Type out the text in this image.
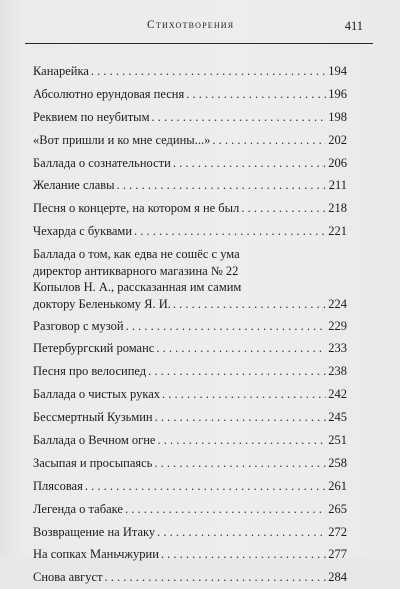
Стихотворения	411
Канарейка . . .	194
Абсолютно ерундовая песня . . .	196
Реквием по неубитым . . .	198
«Вот пришли и ко мне седины...» . . .	202
Баллада о сознательности . . .	206
Желание славы . . .	211
Песня о концерте, на котором я не был . . .	218
Чехарда с буквами . . .	221
Баллада о том, как едва не сошёс с ума
директор антикварного магазина № 22
Копылов Н. А., рассказанная им самим
доктору Беленькому Я. И. . . .	224
Разговор с музой . . .	229
Петербургский романс . . .	233
Песня про велосипед . . .	238
Баллада о чистых руках . . .	242
Бессмертный Кузьмин . . .	245
Баллада о Вечном огне . . .	251
Засыпая и просыпаясь . . .	258
Плясовая . . .	261
Легенда о табаке . . .	265
Возвращение на Итаку . . .	272
На сопках Маньчжурии . . .	277
Снова август . . .	284
